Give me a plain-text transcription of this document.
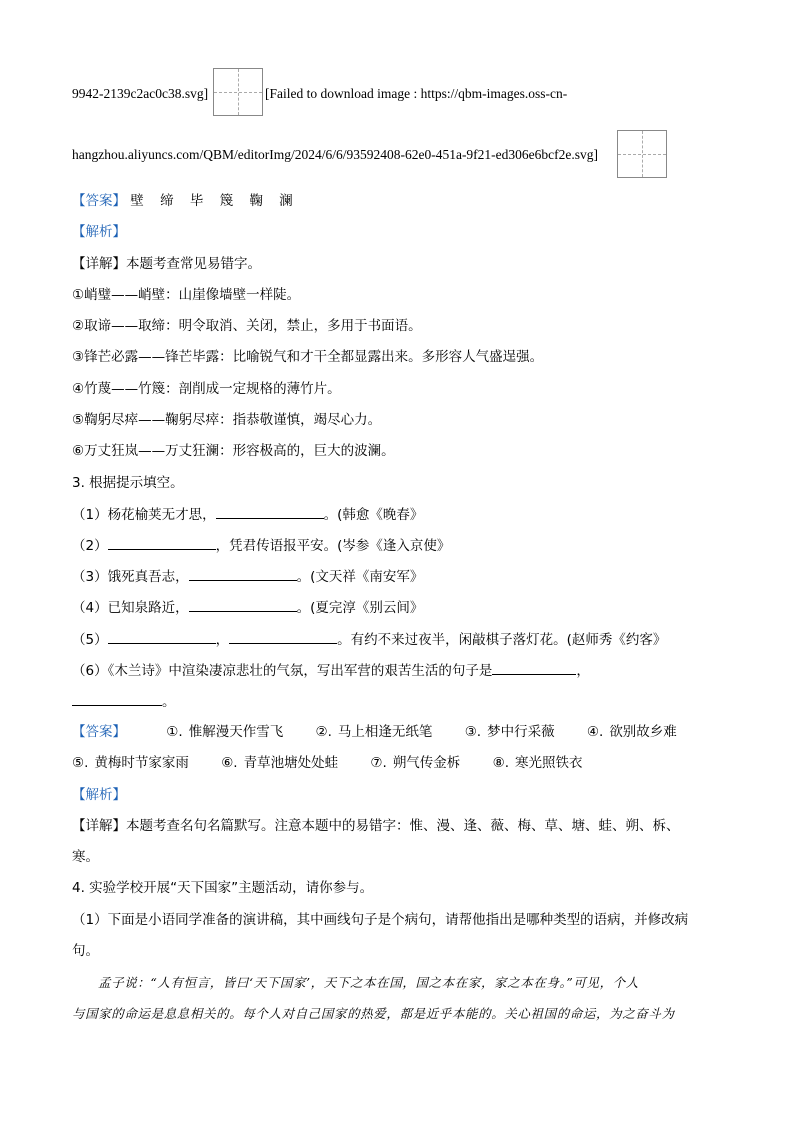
9942-2139c2ac0c38.svg]	[Failed to download image : https://qbm-images.oss-cn-
hangzhou.aliyuncs.com/QBM/editorImg/2024/6/6/93592408-62e0-451a-9f21-ed306e6bcf2e.svg]
【答案】 壁 缔 毕 篾 鞠 澜
【解析】
【详解】本题考查常见易错字。
①峭璧——峭壁：山崖像墙壁一样陡。
②取谛——取缔：明令取消、关闭，禁止，多用于书面语。
③锋芒必露——锋芒毕露：比喻锐气和才干全都显露出来。多形容人气盛逞强。
④竹蔑——竹篾：剖削成一定规格的薄竹片。
⑤鞫躬尽瘁——鞠躬尽瘁：指恭敬谨慎，竭尽心力。
⑥万丈狂岚——万丈狂澜：形容极高的，巨大的波澜。
3. 根据提示填空。
（1）杨花榆荚无才思，	。(韩愈《晚春》
（2）	，凭君传语报平安。(岑参《逢入京使》
（3）饿死真吾志，	。(文天祥《南安军》
（4）已知泉路近，	。(夏完淳《别云间》
（5）	，	。有约不来过夜半，闲敲棋子落灯花。(赵师秀《约客》
（6）《木兰诗》中渲染凄凉悲壮的气氛，写出军营的艰苦生活的句子是	，
。
【答案】	①. 惟解漫天作雪飞 ②. 马上相逢无纸笔 ③. 梦中行采薇 ④. 欲别故乡难
⑤. 黄梅时节家家雨 ⑥. 青草池塘处处蛙 ⑦. 朔气传金柝 ⑧. 寒光照铁衣
【解析】
【详解】本题考查名句名篇默写。注意本题中的易错字：惟、漫、逢、薇、梅、草、塘、蛙、朔、柝、
寒。
4. 实验学校开展“天下国家”主题活动，请你参与。
（1）下面是小语同学准备的演讲稿，其中画线句子是个病句，请帮他指出是哪种类型的语病，并修改病
句。
孟子说：“人有恒言，皆曰‘天下国家’，天下之本在国，国之本在家，家之本在身。”可见，个人
与国家的命运是息息相关的。每个人对自己国家的热爱，都是近乎本能的。关心祖国的命运，为之奋斗为
